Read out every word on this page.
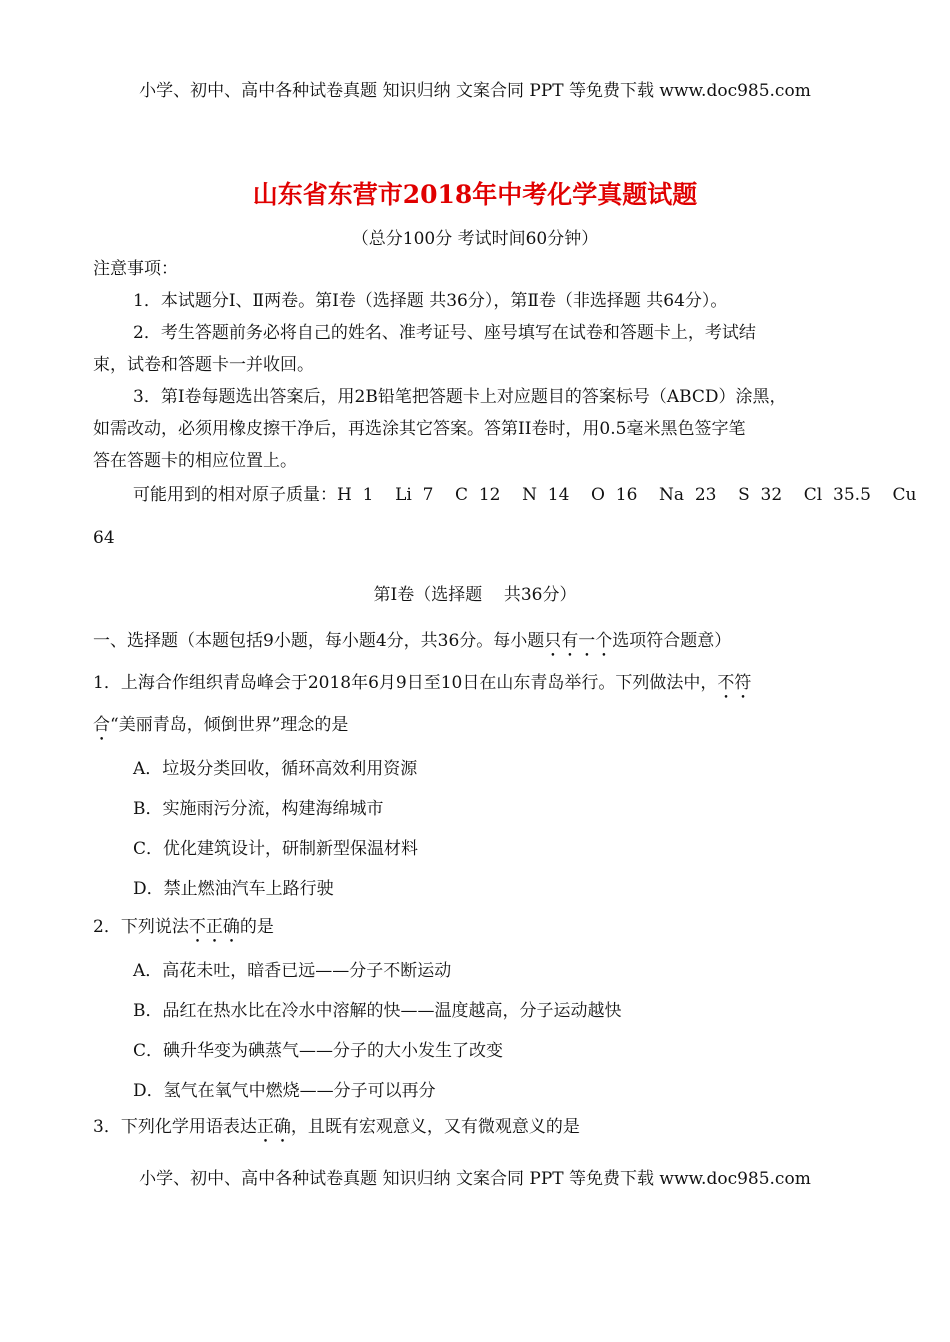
小学、初中、高中各种试卷真题 知识归纳 文案合同 PPT 等免费下载 www.doc985.com
山东省东营市2018年中考化学真题试题
（总分100分 考试时间60分钟）
注意事项：
1．本试题分Ⅰ、Ⅱ两卷。第Ⅰ卷（选择题 共36分），第Ⅱ卷（非选择题 共64分）。
2．考生答题前务必将自己的姓名、准考证号、座号填写在试卷和答题卡上，考试结
束，试卷和答题卡一并收回。
3．第Ⅰ卷每题选出答案后，用2B铅笔把答题卡上对应题目的答案标号（ABCD）涂黑，
如需改动，必须用橡皮擦干净后，再选涂其它答案。答第II卷时，用0.5毫米黑色签字笔
答在答题卡的相应位置上。
可能用到的相对原子质量：H  1    Li  7    C  12    N  14    O  16    Na  23    S  32    Cl  35.5    Cu
64
第Ⅰ卷（选择题    共36分）
一、选择题（本题包括9小题，每小题4分，共36分。每小题只有一个选项符合题意）
1．上海合作组织青岛峰会于2018年6月9日至10日在山东青岛举行。下列做法中，不符
合“美丽青岛，倾倒世界”理念的是
A．垃圾分类回收，循环高效利用资源
B．实施雨污分流，构建海绵城市
C．优化建筑设计，研制新型保温材料
D．禁止燃油汽车上路行驶
2．下列说法不正确的是
A．高花未吐，暗香已远——分子不断运动
B．品红在热水比在冷水中溶解的快——温度越高，分子运动越快
C．碘升华变为碘蒸气——分子的大小发生了改变
D．氢气在氧气中燃烧——分子可以再分
3．下列化学用语表达正确，且既有宏观意义，又有微观意义的是
小学、初中、高中各种试卷真题 知识归纳 文案合同 PPT 等免费下载 www.doc985.com
